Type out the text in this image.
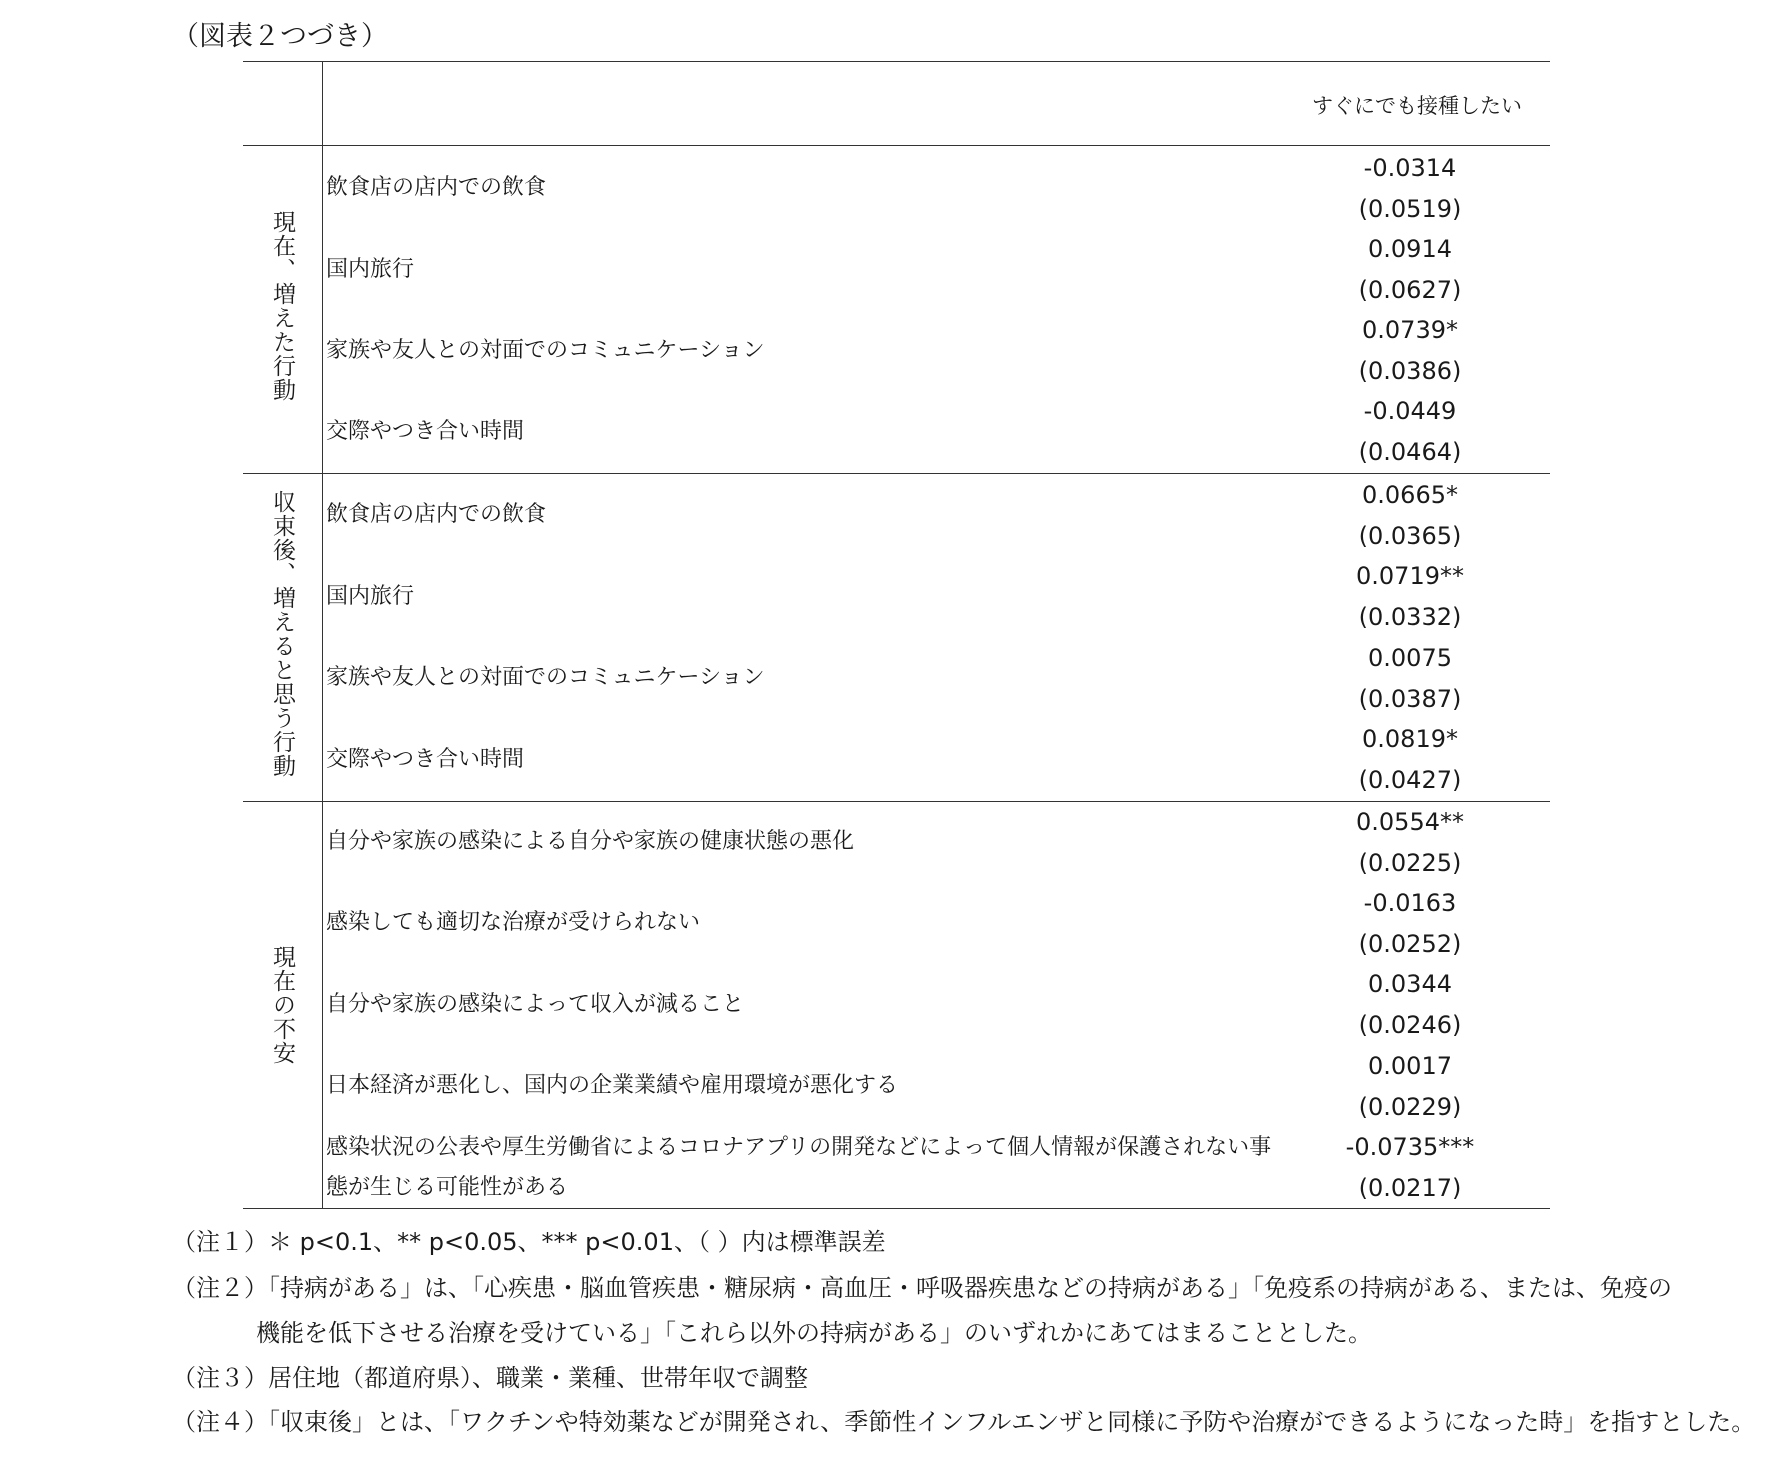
（図表２つづき）
すぐにでも接種したい
現在、増えた行動
飲食店の店内での飲食
-0.0314
(0.0519)
国内旅行
0.0914
(0.0627)
家族や友人との対面でのコミュニケーション
0.0739*
(0.0386)
交際やつき合い時間
-0.0449
(0.0464)
収束後、増えると思う行動 飲食店の店内での飲食
0.0665*
(0.0365)
国内旅行
0.0719**
(0.0332)
家族や友人との対面でのコミュニケーション
0.0075
(0.0387)
交際やつき合い時間
0.0819*
(0.0427)
現在の不安
自分や家族の感染による自分や家族の健康状態の悪化
0.0554**
(0.0225)
感染しても適切な治療が受けられない
-0.0163
(0.0252)
自分や家族の感染によって収入が減ること
0.0344
(0.0246)
日本経済が悪化し、国内の企業業績や雇用環境が悪化する
0.0017
(0.0229)
感染状況の公表や厚生労働省によるコロナアプリの開発などによって個人情報が保護されない事
態が生じる可能性がある
-0.0735***
(0.0217)
（注１）＊ p<0.1、** p<0.05、*** p<0.01、（ ）内は標準誤差
（注２）「持病がある」は、「心疾患・脳血管疾患・糖尿病・高血圧・呼吸器疾患などの持病がある」「免疫系の持病がある、または、免疫の
機能を低下させる治療を受けている」「これら以外の持病がある」のいずれかにあてはまることとした。
（注３）居住地（都道府県）、職業・業種、世帯年収で調整
（注４）「収束後」とは、「ワクチンや特効薬などが開発され、季節性インフルエンザと同様に予防や治療ができるようになった時」を指すとした。
